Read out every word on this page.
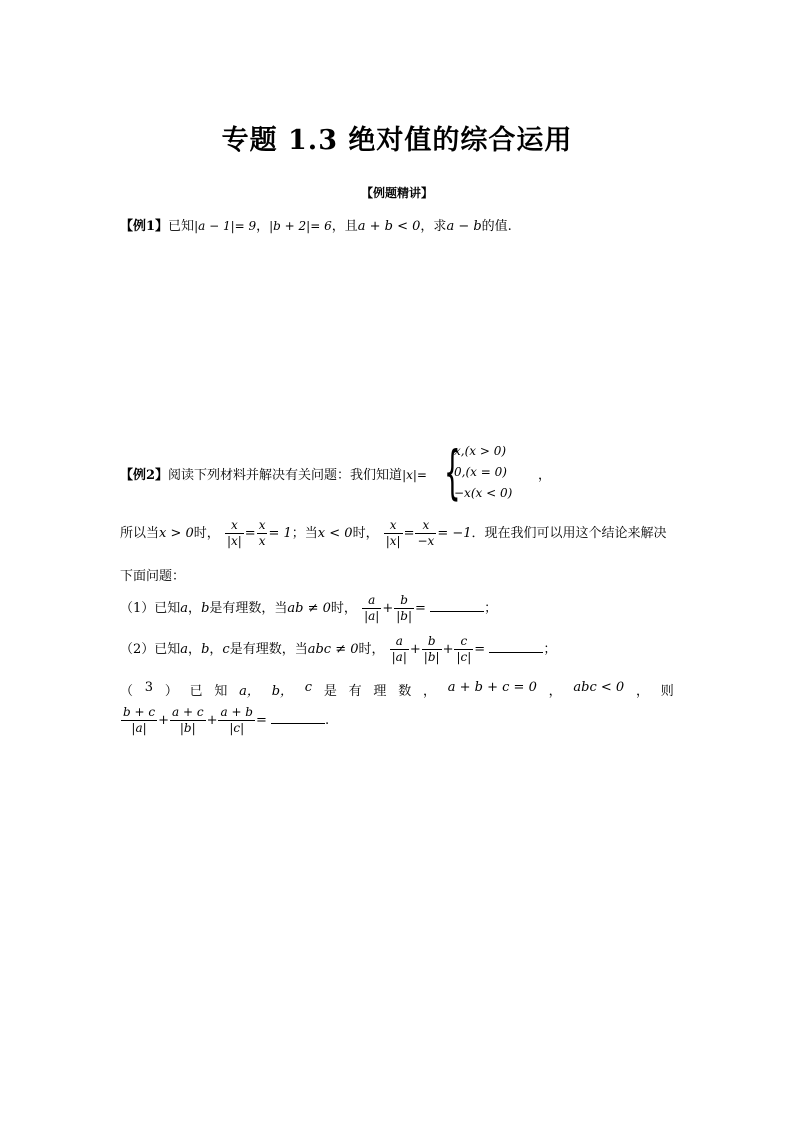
专题 1.3 绝对值的综合运用
【例题精讲】
【例1】已知|a − 1|= 9，|b + 2|= 6，且a + b < 0，求a − b的值.
【例2】阅读下列材料并解决有关问题：我们知道|x|= {
x,(x > 0)
0,(x = 0)
−x(x < 0)
，
所以当x > 0时， $\frac{x}{|x|} = \frac{x}{x} = 1$；当x < 0时， $\frac{x}{|x|} = \frac{x}{-x} = -1$．现在我们可以用这个结论来解决
下面问题：
（1）已知a，b是有理数，当ab ≠ 0时， $\frac{a}{|a|} + \frac{b}{|b|}$ =	；
（2）已知a，b，c是有理数，当abc ≠ 0时， $\frac{a}{|a|} + \frac{b}{|b|} + \frac{c}{|c|}$ =	；
（ 3 ） 已 知 a， b， c 是 有 理 数 ， a + b + c = 0 ， abc < 0 ， 则
$\frac{b + c}{|a|} + \frac{a + c}{|b|} + \frac{a + b}{|c|}$ =	.
